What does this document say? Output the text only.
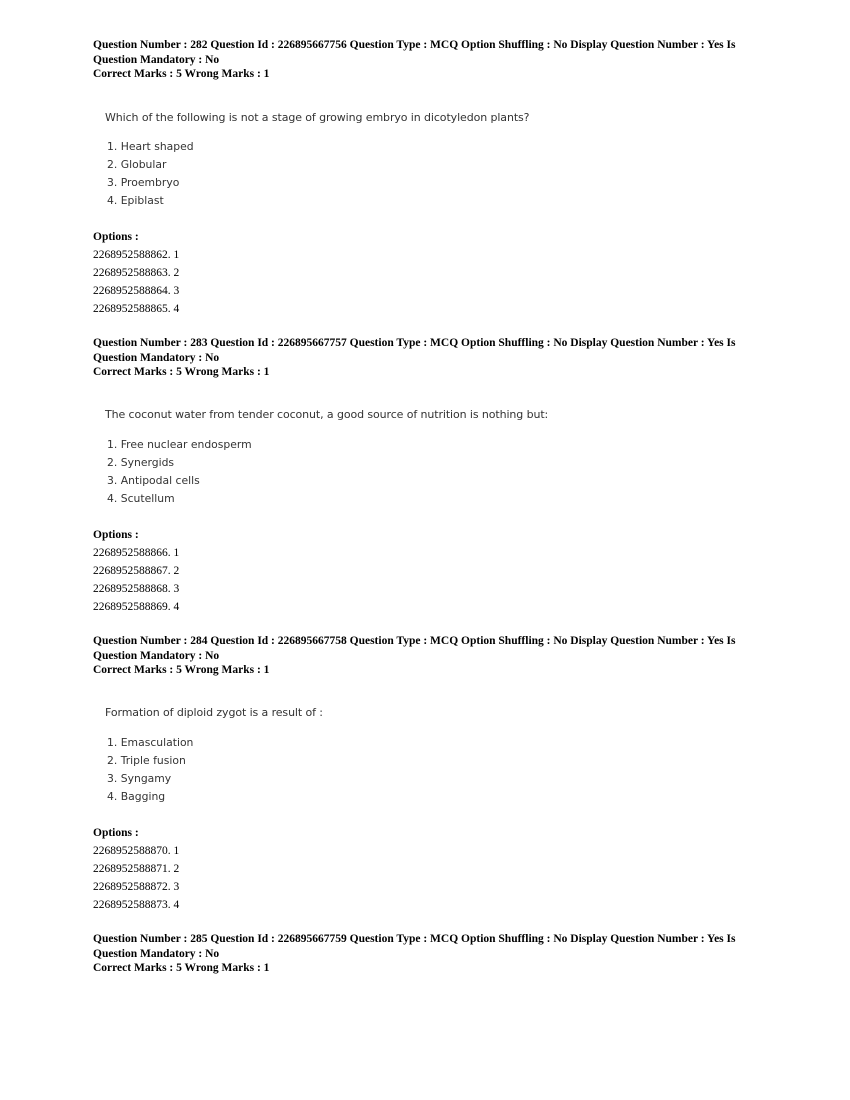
Question Number : 282 Question Id : 226895667756 Question Type : MCQ Option Shuffling : No Display Question Number : Yes Is
Question Mandatory : No
Correct Marks : 5 Wrong Marks : 1
Which of the following is not a stage of growing embryo in dicotyledon plants?
1. Heart shaped
2. Globular
3. Proembryo
4. Epiblast
Options :
2268952588862. 1
2268952588863. 2
2268952588864. 3
2268952588865. 4
Question Number : 283 Question Id : 226895667757 Question Type : MCQ Option Shuffling : No Display Question Number : Yes Is
Question Mandatory : No
Correct Marks : 5 Wrong Marks : 1
The coconut water from tender coconut, a good source of nutrition is nothing but:
1. Free nuclear endosperm
2. Synergids
3. Antipodal cells
4. Scutellum
Options :
2268952588866. 1
2268952588867. 2
2268952588868. 3
2268952588869. 4
Question Number : 284 Question Id : 226895667758 Question Type : MCQ Option Shuffling : No Display Question Number : Yes Is
Question Mandatory : No
Correct Marks : 5 Wrong Marks : 1
Formation of diploid zygot is a result of :
1. Emasculation
2. Triple fusion
3. Syngamy
4. Bagging
Options :
2268952588870. 1
2268952588871. 2
2268952588872. 3
2268952588873. 4
Question Number : 285 Question Id : 226895667759 Question Type : MCQ Option Shuffling : No Display Question Number : Yes Is
Question Mandatory : No
Correct Marks : 5 Wrong Marks : 1
